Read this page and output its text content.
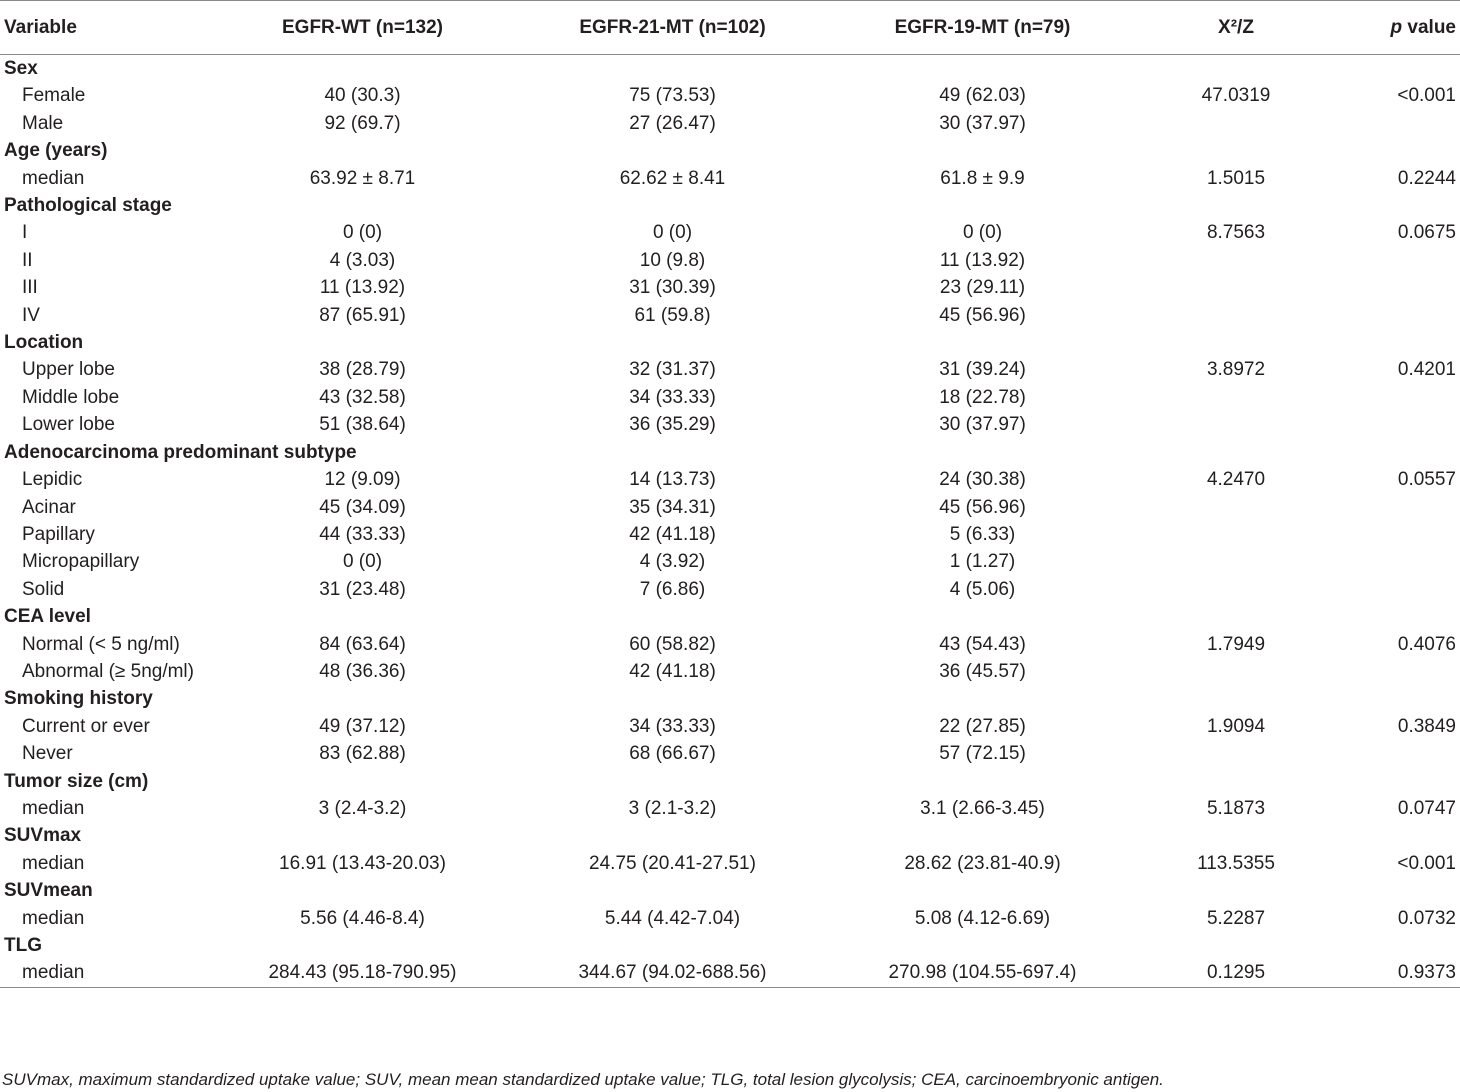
Variable	EGFR-WT (n=132)	EGFR-21-MT (n=102)	EGFR-19-MT (n=79)	X²/Z	p value
Sex					
Female	40 (30.3)	75 (73.53)	49 (62.03)	47.0319	<0.001
Male	92 (69.7)	27 (26.47)	30 (37.97)		
Age (years)					
median	63.92 ± 8.71	62.62 ± 8.41	61.8 ± 9.9	1.5015	0.2244
Pathological stage					
I	0 (0)	0 (0)	0 (0)	8.7563	0.0675
II	4 (3.03)	10 (9.8)	11 (13.92)		
III	11 (13.92)	31 (30.39)	23 (29.11)		
IV	87 (65.91)	61 (59.8)	45 (56.96)		
Location					
Upper lobe	38 (28.79)	32 (31.37)	31 (39.24)	3.8972	0.4201
Middle lobe	43 (32.58)	34 (33.33)	18 (22.78)		
Lower lobe	51 (38.64)	36 (35.29)	30 (37.97)		
Adenocarcinoma predominant subtype					
Lepidic	12 (9.09)	14 (13.73)	24 (30.38)	4.2470	0.0557
Acinar	45 (34.09)	35 (34.31)	45 (56.96)		
Papillary	44 (33.33)	42 (41.18)	5 (6.33)		
Micropapillary	0 (0)	4 (3.92)	1 (1.27)		
Solid	31 (23.48)	7 (6.86)	4 (5.06)		
CEA level					
Normal (< 5 ng/ml)	84 (63.64)	60 (58.82)	43 (54.43)	1.7949	0.4076
Abnormal (≥ 5ng/ml)	48 (36.36)	42 (41.18)	36 (45.57)		
Smoking history					
Current or ever	49 (37.12)	34 (33.33)	22 (27.85)	1.9094	0.3849
Never	83 (62.88)	68 (66.67)	57 (72.15)		
Tumor size (cm)					
median	3 (2.4-3.2)	3 (2.1-3.2)	3.1 (2.66-3.45)	5.1873	0.0747
SUVmax					
median	16.91 (13.43-20.03)	24.75 (20.41-27.51)	28.62 (23.81-40.9)	113.5355	<0.001
SUVmean					
median	5.56 (4.46-8.4)	5.44 (4.42-7.04)	5.08 (4.12-6.69)	5.2287	0.0732
TLG					
median	284.43 (95.18-790.95)	344.67 (94.02-688.56)	270.98 (104.55-697.4)	0.1295	0.9373
SUVmax, maximum standardized uptake value; SUV, mean mean standardized uptake value; TLG, total lesion glycolysis; CEA, carcinoembryonic antigen.
